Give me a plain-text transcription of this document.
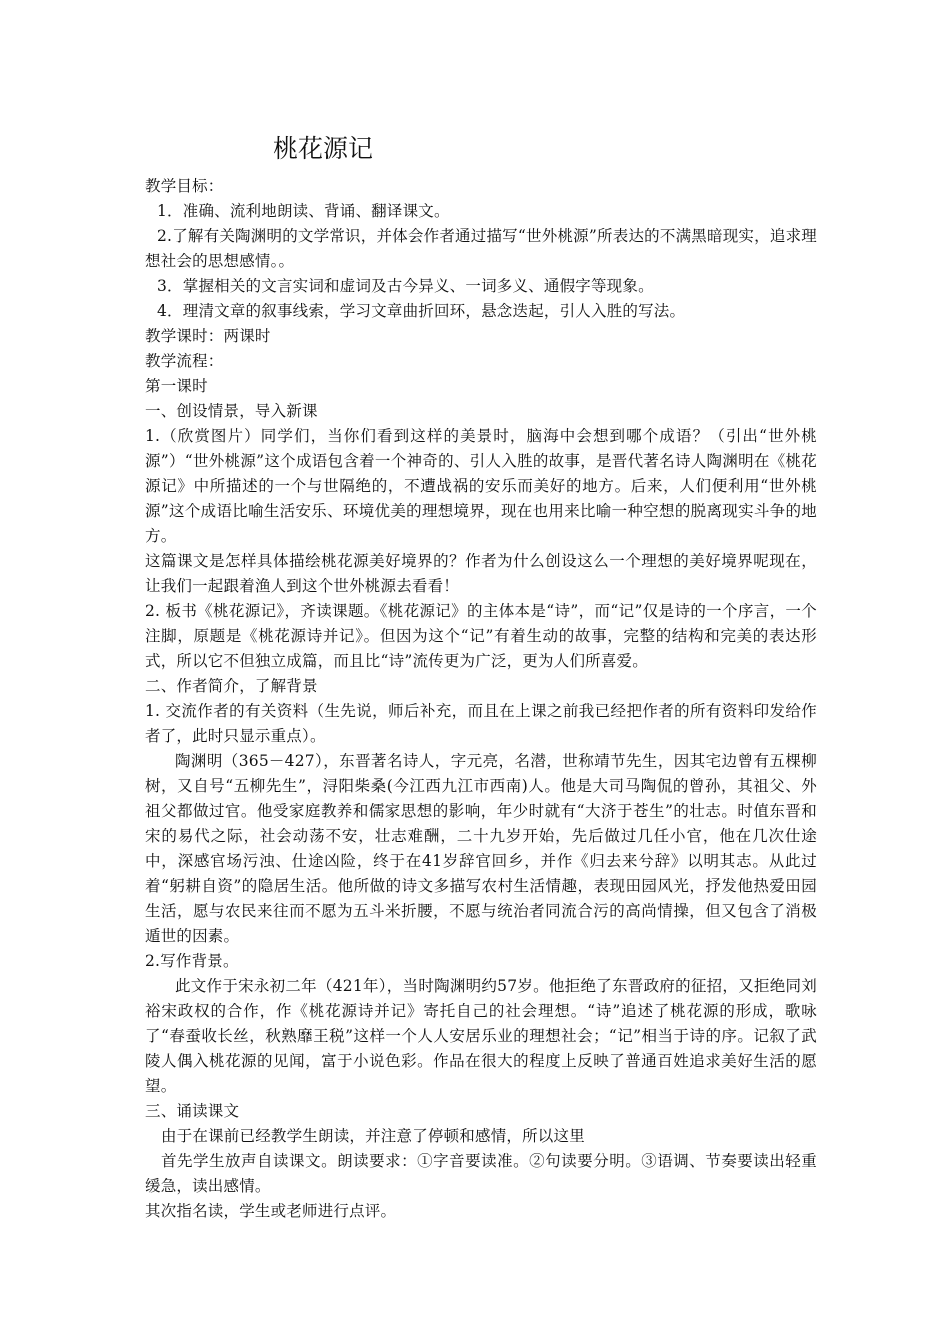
桃花源记

教学目标：

1．准确、流利地朗读、背诵、翻译课文。

2.了解有关陶渊明的文学常识，并体会作者通过描写“世外桃源”所表达的不满黑暗现实，追求理想社会的思想感情。。

3．掌握相关的文言实词和虚词及古今异义、一词多义、通假字等现象。

4．理清文章的叙事线索，学习文章曲折回环，悬念迭起，引人入胜的写法。

教学课时：两课时

教学流程：

第一课时

一、创设情景，导入新课

1.（欣赏图片）同学们，当你们看到这样的美景时，脑海中会想到哪个成语？（引出“世外桃源”）“世外桃源”这个成语包含着一个神奇的、引人入胜的故事，是晋代著名诗人陶渊明在《桃花源记》中所描述的一个与世隔绝的，不遭战祸的安乐而美好的地方。后来，人们便利用“世外桃源”这个成语比喻生活安乐、环境优美的理想境界，现在也用来比喻一种空想的脱离现实斗争的地方。

这篇课文是怎样具体描绘桃花源美好境界的？作者为什么创设这么一个理想的美好境界呢现在，让我们一起跟着渔人到这个世外桃源去看看！

2. 板书《桃花源记》，齐读课题。《桃花源记》的主体本是“诗”，而“记”仅是诗的一个序言，一个注脚，原题是《桃花源诗并记》。但因为这个“记”有着生动的故事，完整的结构和完美的表达形式，所以它不但独立成篇，而且比“诗”流传更为广泛，更为人们所喜爱。

二、作者简介，了解背景

1. 交流作者的有关资料（生先说，师后补充，而且在上课之前我已经把作者的所有资料印发给作者了，此时只显示重点）。

陶渊明（365－427），东晋著名诗人，字元亮，名潜，世称靖节先生，因其宅边曾有五棵柳树，又自号“五柳先生”，浔阳柴桑(今江西九江市西南)人。他是大司马陶侃的曾孙，其祖父、外祖父都做过官。他受家庭教养和儒家思想的影响，年少时就有“大济于苍生”的壮志。时值东晋和宋的易代之际，社会动荡不安，壮志难酬，二十九岁开始，先后做过几任小官，他在几次仕途中，深感官场污浊、仕途凶险，终于在41岁辞官回乡，并作《归去来兮辞》以明其志。从此过着“躬耕自资”的隐居生活。他所做的诗文多描写农村生活情趣，表现田园风光，抒发他热爱田园生活，愿与农民来往而不愿为五斗米折腰，不愿与统治者同流合污的高尚情操，但又包含了消极遁世的因素。

2.写作背景。

此文作于宋永初二年（421年），当时陶渊明约57岁。他拒绝了东晋政府的征招，又拒绝同刘裕宋政权的合作，作《桃花源诗并记》寄托自己的社会理想。“诗”追述了桃花源的形成，歌咏了“春蚕收长丝，秋熟靡王税”这样一个人人安居乐业的理想社会；“记”相当于诗的序。记叙了武陵人偶入桃花源的见闻，富于小说色彩。作品在很大的程度上反映了普通百姓追求美好生活的愿望。

三、诵读课文

由于在课前已经教学生朗读，并注意了停顿和感情，所以这里

首先学生放声自读课文。朗读要求：①字音要读准。②句读要分明。③语调、节奏要读出轻重缓急，读出感情。

其次指名读，学生或老师进行点评。
